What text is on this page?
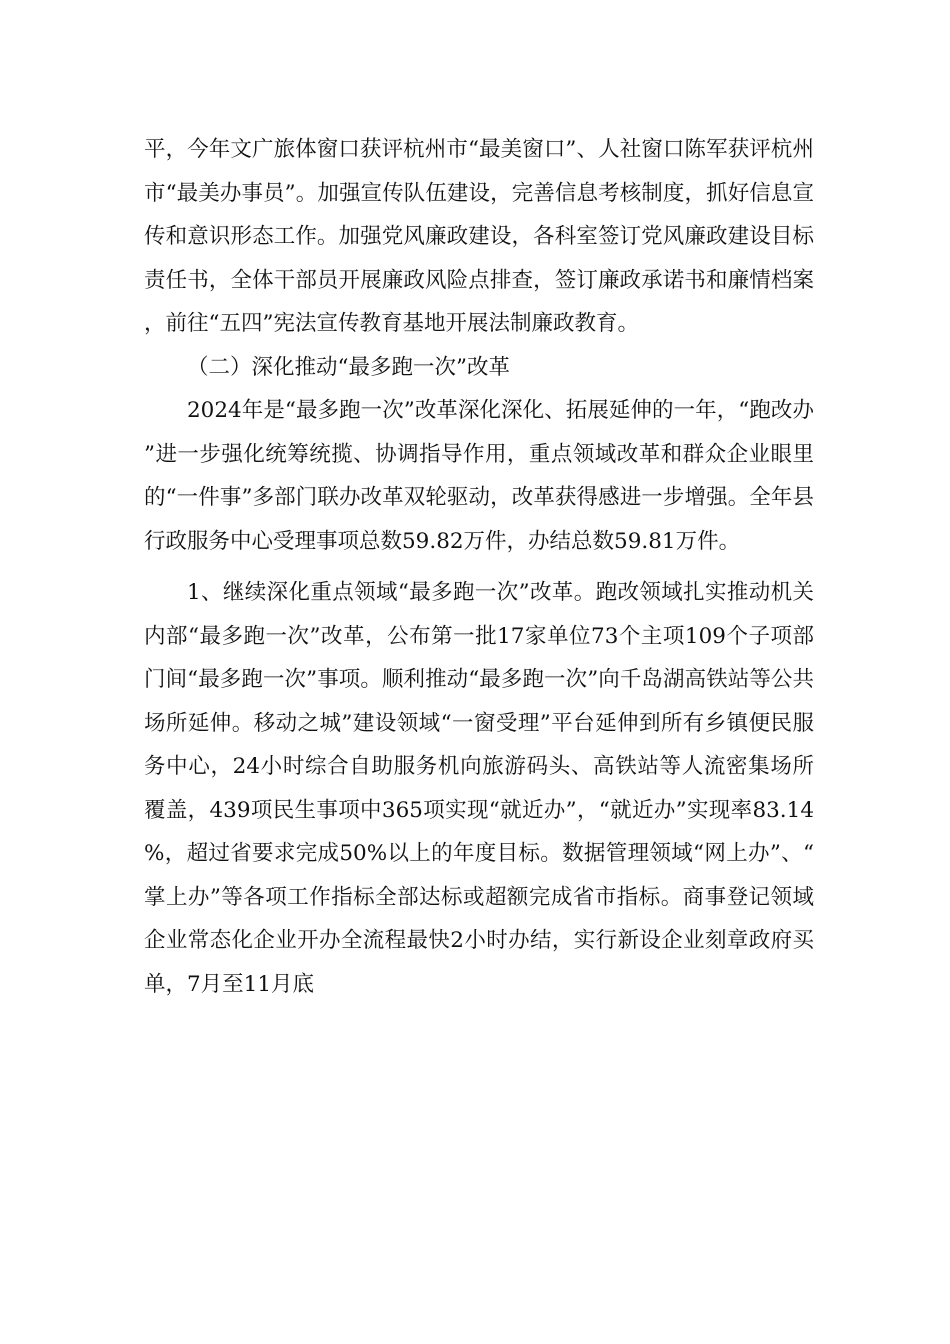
平，今年文广旅体窗口获评杭州市“最美窗口”、人社窗口陈军获评杭州市“最美办事员”。加强宣传队伍建设，完善信息考核制度，抓好信息宣传和意识形态工作。加强党风廉政建设，各科室签订党风廉政建设目标责任书，全体干部员开展廉政风险点排查，签订廉政承诺书和廉情档案，前往“五四”宪法宣传教育基地开展法制廉政教育。

（二）深化推动“最多跑一次”改革

2024年是“最多跑一次”改革深化深化、拓展延伸的一年，“跑改办”进一步强化统筹统揽、协调指导作用，重点领域改革和群众企业眼里的“一件事”多部门联办改革双轮驱动，改革获得感进一步增强。全年县行政服务中心受理事项总数59.82万件，办结总数59.81万件。

1、继续深化重点领域“最多跑一次”改革。跑改领域扎实推动机关内部“最多跑一次”改革，公布第一批17家单位73个主项109个子项部门间“最多跑一次”事项。顺利推动“最多跑一次”向千岛湖高铁站等公共场所延伸。移动之城”建设领域“一窗受理”平台延伸到所有乡镇便民服务中心，24小时综合自助服务机向旅游码头、高铁站等人流密集场所覆盖，439项民生事项中365项实现“就近办”，“就近办”实现率83.14%，超过省要求完成50%以上的年度目标。数据管理领域“网上办”、“掌上办”等各项工作指标全部达标或超额完成省市指标。商事登记领域企业常态化企业开办全流程最快2小时办结，实行新设企业刻章政府买单，7月至11月底
